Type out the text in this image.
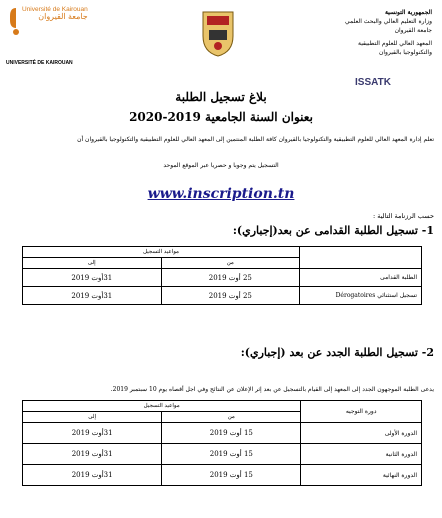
Université de Kairouan
جامعة القيروان
UNIVERSITÉ DE KAIROUAN
الجمهورية التونسية
وزارة التعليم العالي والبحث العلمي
جامعة القيروان
المعهد العالي للعلوم التطبيقية
والتكنولوجيا بالقيروان
ISSATK
بلاغ تسجيل الطلبة
بعنوان السنة الجامعية 2019-2020
تعلم إدارة المعهد العالي للعلوم التطبيقية والتكنولوجيا بالقيروان كافة الطلبة المنتمين إلى المعهد العالي للعلوم التطبيقية والتكنولوجيا بالقيروان أن
التسجيل يتم وجوبا و حصريا عبر الموقع الموحد
www.inscription.tn
حسب الرزنامة التالية :
1- تسجيل الطلبة القدامى عن بعد(إجباري):
مواعيد التسجيل		
إلى	من	
31أوت 2019	25 أوت 2019	الطلبة القدامى
31أوت 2019	25 أوت 2019	تسجيل استثنائي Dérogatoires
2- تسجيل الطلبة الجدد عن بعد (إجباري):
يدعى الطلبة الموجهون الجدد إلى المعهد إلى القيام بالتسجيل عن بعد إثر الإعلان عن النتائج وفي اجل أقصاه يوم 10 سبتمبر 2019.
مواعيد التسجيل		دورة التوجيه
إلى	من	
31أوت 2019	15 أوت 2019	الدورة الأولى
31أوت 2019	15 أوت 2019	الدورة الثانية
31أوت 2019	15 أوت 2019	الدورة النهائية
